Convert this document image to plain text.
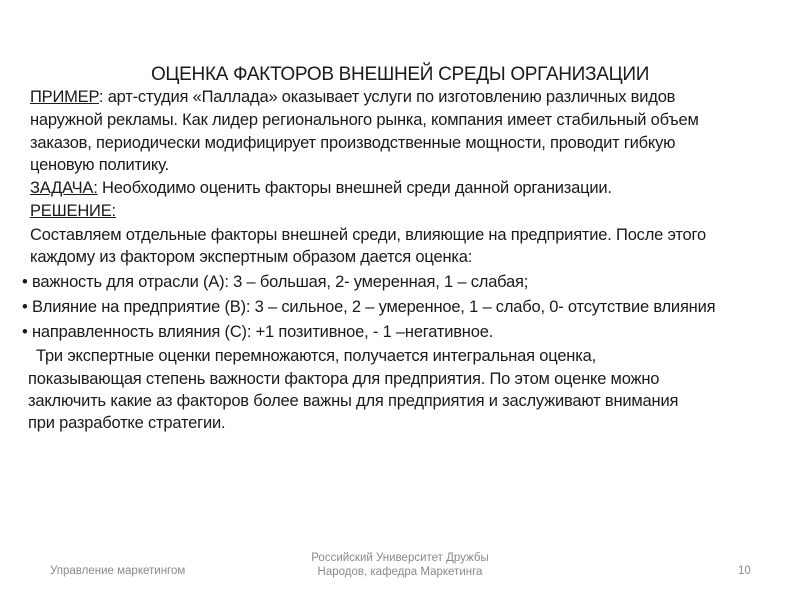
ОЦЕНКА ФАКТОРОВ ВНЕШНЕЙ СРЕДЫ ОРГАНИЗАЦИИ
ПРИМЕР: арт-студия «Паллада» оказывает услуги по изготовлению различных видов
наружной рекламы. Как лидер регионального рынка, компания имеет стабильный объем
заказов, периодически модифицирует производственные мощности, проводит гибкую
ценовую политику.
ЗАДАЧА: Необходимо оценить факторы внешней среди данной организации.
РЕШЕНИЕ:
Составляем отдельные факторы внешней среди, влияющие на предприятие. После этого
каждому из фактором экспертным образом дается оценка:
• важность для отрасли (А): 3 – большая, 2- умеренная, 1 – слабая;
• Влияние на предприятие (В): 3 – сильное, 2 – умеренное, 1 – слабо, 0- отсутствие влияния
• направленность влияния (С): +1 позитивное, - 1 –негативное.
Три экспертные оценки перемножаются, получается интегральная оценка,
показывающая степень важности фактора для предприятия. По этом оценке можно
заключить какие аз факторов более важны для предприятия и заслуживают внимания
при разработке стратегии.
Управление маркетингом
Российский Университет Дружбы
Народов, кафедра Маркетинга	10
